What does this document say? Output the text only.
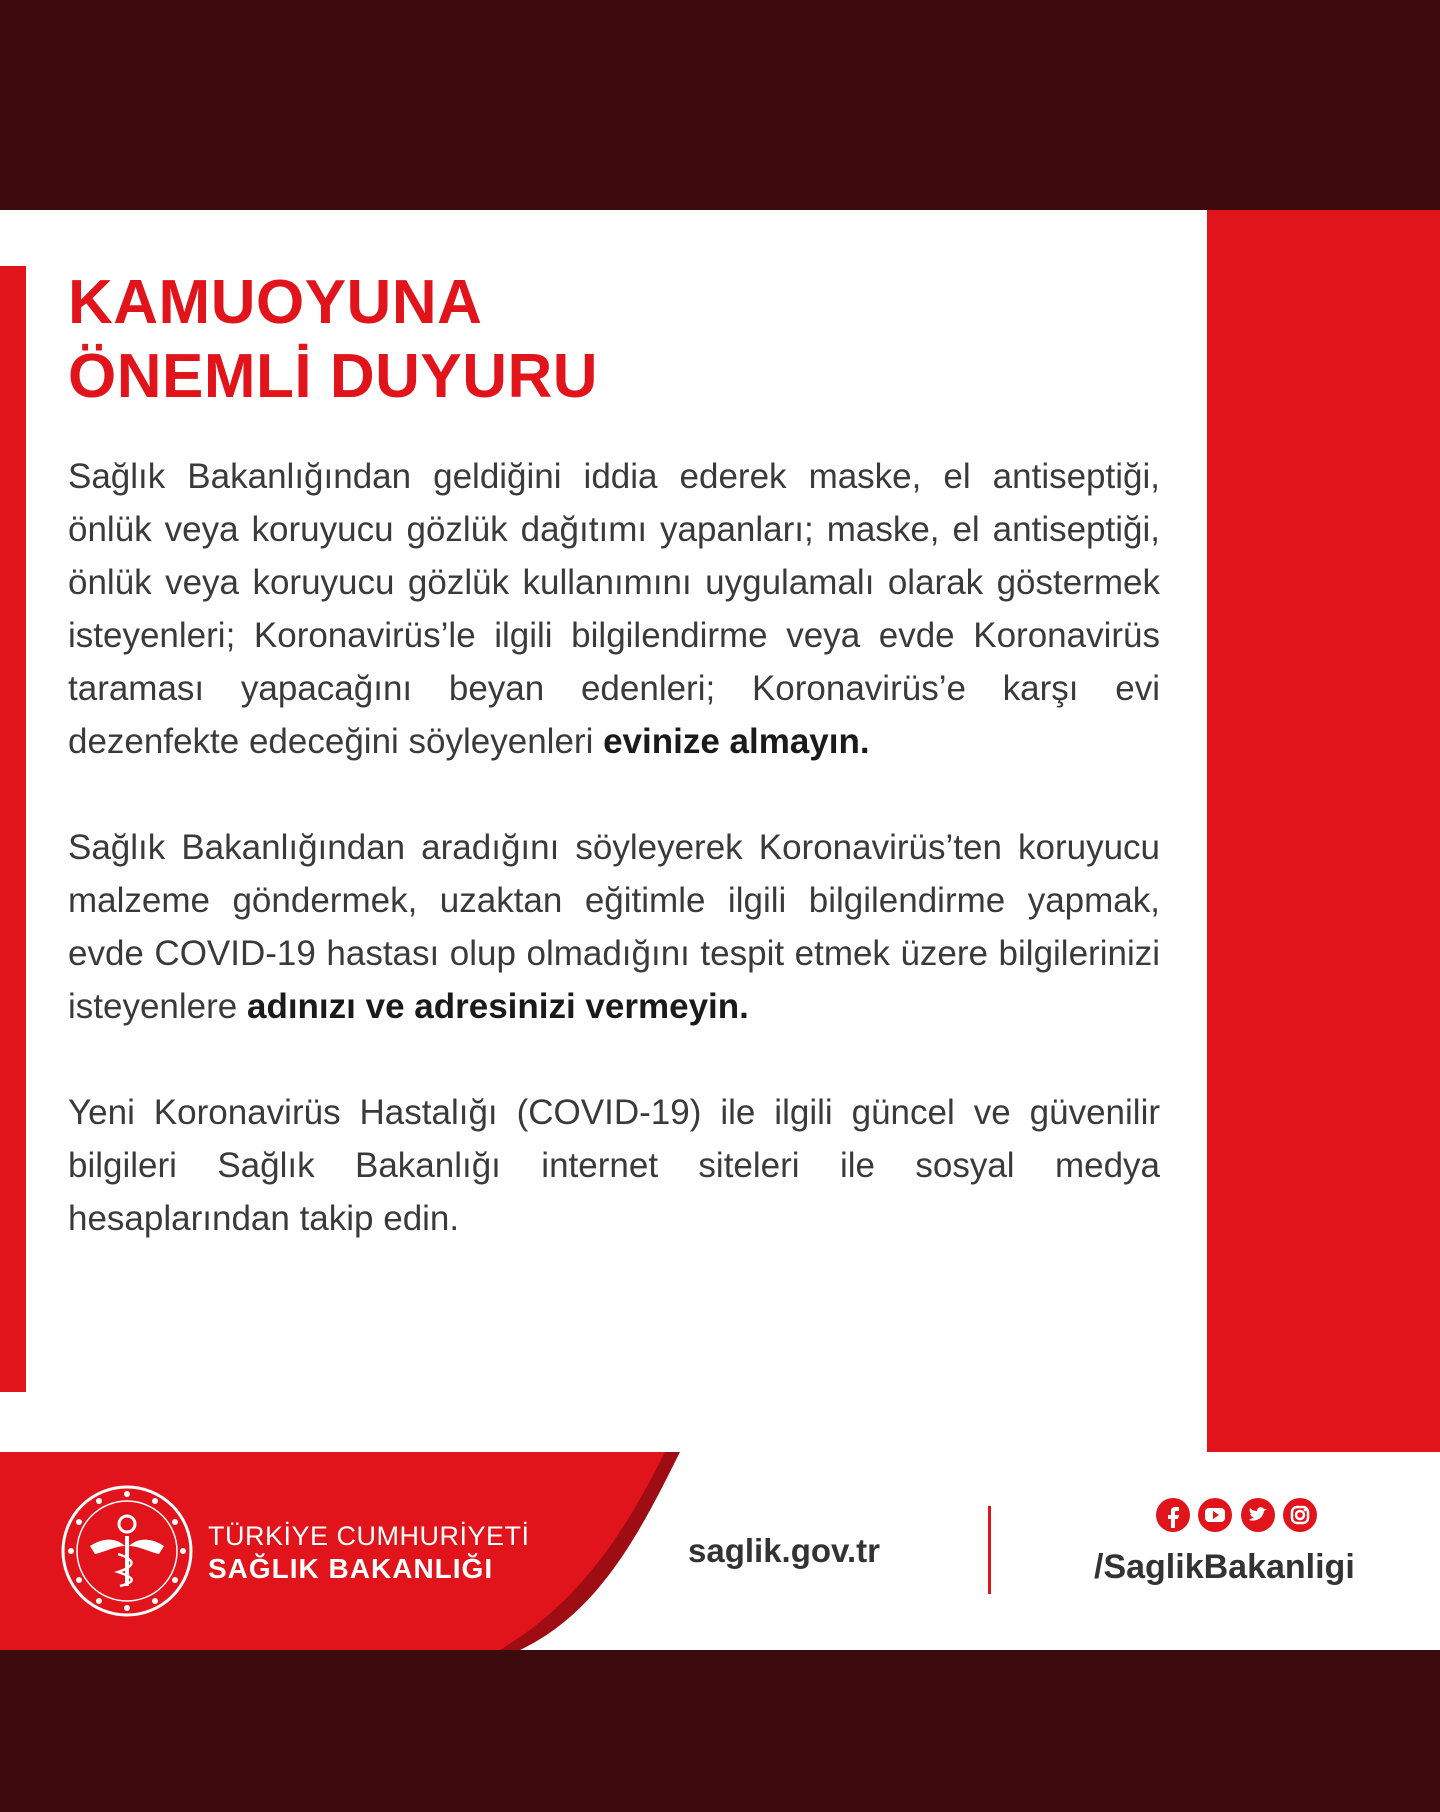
KAMUOYUNA
ÖNEMLİ DUYURU

Sağlık Bakanlığından geldiğini iddia ederek maske, el antiseptiği, önlük veya koruyucu gözlük dağıtımı yapanları; maske, el antiseptiği, önlük veya koruyucu gözlük kullanımını uygulamalı olarak göstermek isteyenleri; Koronavirüs’le ilgili bilgilendirme veya evde Koronavirüs taraması yapacağını beyan edenleri; Koronavirüs’e karşı evi dezenfekte edeceğini söyleyenleri evinize almayın.

Sağlık Bakanlığından aradığını söyleyerek Koronavirüs’ten koruyucu malzeme göndermek, uzaktan eğitimle ilgili bilgilendirme yapmak, evde COVID-19 hastası olup olmadığını tespit etmek üzere bilgilerinizi isteyenlere adınızı ve adresinizi vermeyin.

Yeni Koronavirüs Hastalığı (COVID-19) ile ilgili güncel ve güvenilir bilgileri Sağlık Bakanlığı internet siteleri ile sosyal medya hesaplarından takip edin.

TÜRKİYE CUMHURİYETİ
SAĞLIK BAKANLIĞI	saglik.gov.tr

	/SaglikBakanligi
